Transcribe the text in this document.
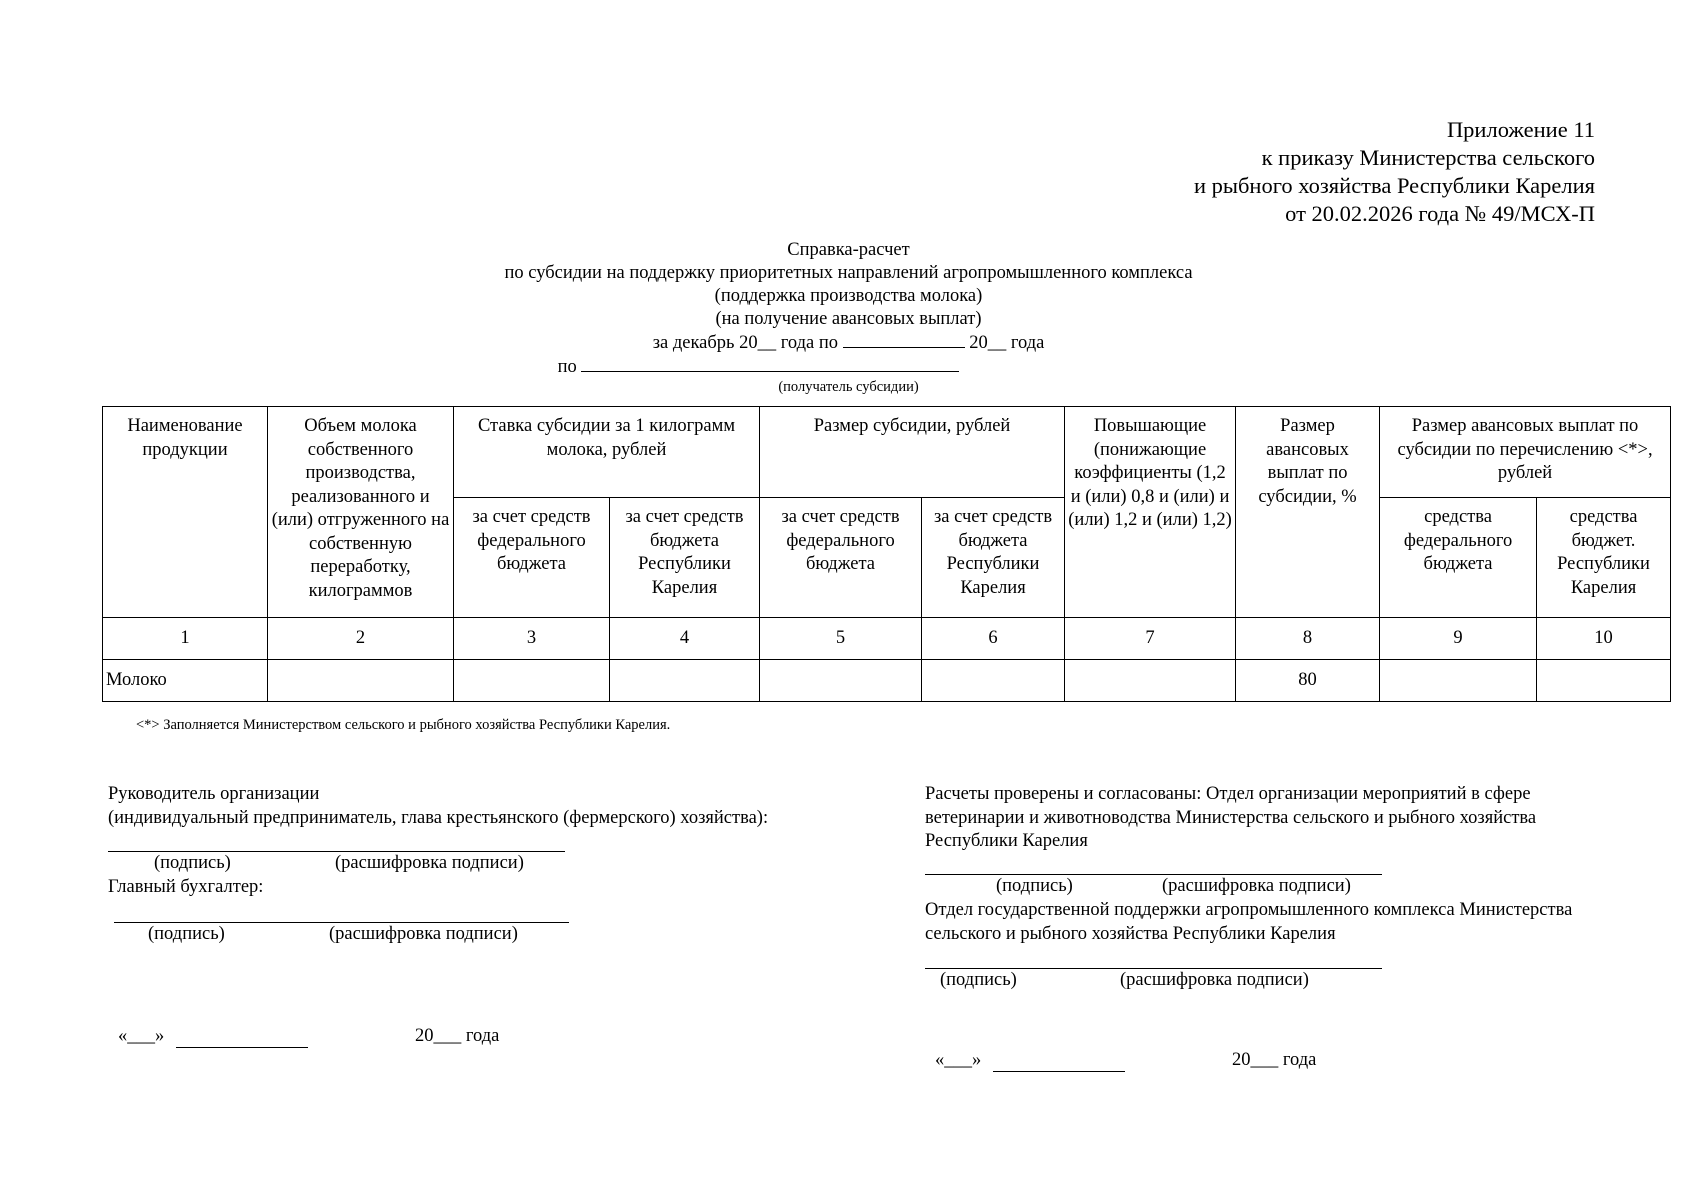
Приложение 11
к приказу Министерства сельского
и рыбного хозяйства Республики Карелия
от 20.02.2026 года № 49/МСХ-П
Справка-расчет
по субсидии на поддержку приоритетных направлений агропромышленного комплекса
(поддержка производства молока)
(на получение авансовых выплат)
за декабрь 20__ года по	20__ года
по
(получатель субсидии)
Наименование продукции	Объем молока собственного производства, реализованного и (или) отгруженного на собственную переработку, килограммов	Ставка субсидии за 1 килограмм молока, рублей		Размер субсидии, рублей		Повышающие (понижающие коэффициенты (1,2 и (или) 0,8 и (или) и (или) 1,2 и (или) 1,2)	Размер авансовых выплат по субсидии, %	Размер авансовых выплат по субсидии по перечислению <*>, рублей	
		за счет средств федерального бюджета	за счет средств бюджета Республики Карелия	за счет средств федерального бюджета	за счет средств бюджета Республики Карелия			средства федерального бюджета	средства бюджет. Республики Карелия
1	2	3	4	5	6	7	8	9	10
Молоко							80		
<*> Заполняется Министерством сельского и рыбного хозяйства Республики Карелия.
Руководитель организации
(индивидуальный предприниматель, глава крестьянского (фермерского) хозяйства):
(подпись)	(расшифровка подписи)
Главный бухгалтер:
(подпись)	(расшифровка подписи)
«___»	20___ года
Расчеты проверены и согласованы: Отдел организации мероприятий в сфере
ветеринарии и животноводства Министерства сельского и рыбного хозяйства
Республики Карелия
(подпись)	(расшифровка подписи)
Отдел государственной поддержки агропромышленного комплекса Министерства
сельского и рыбного хозяйства Республики Карелия
(подпись)	(расшифровка подписи)
«___»	20___ года
